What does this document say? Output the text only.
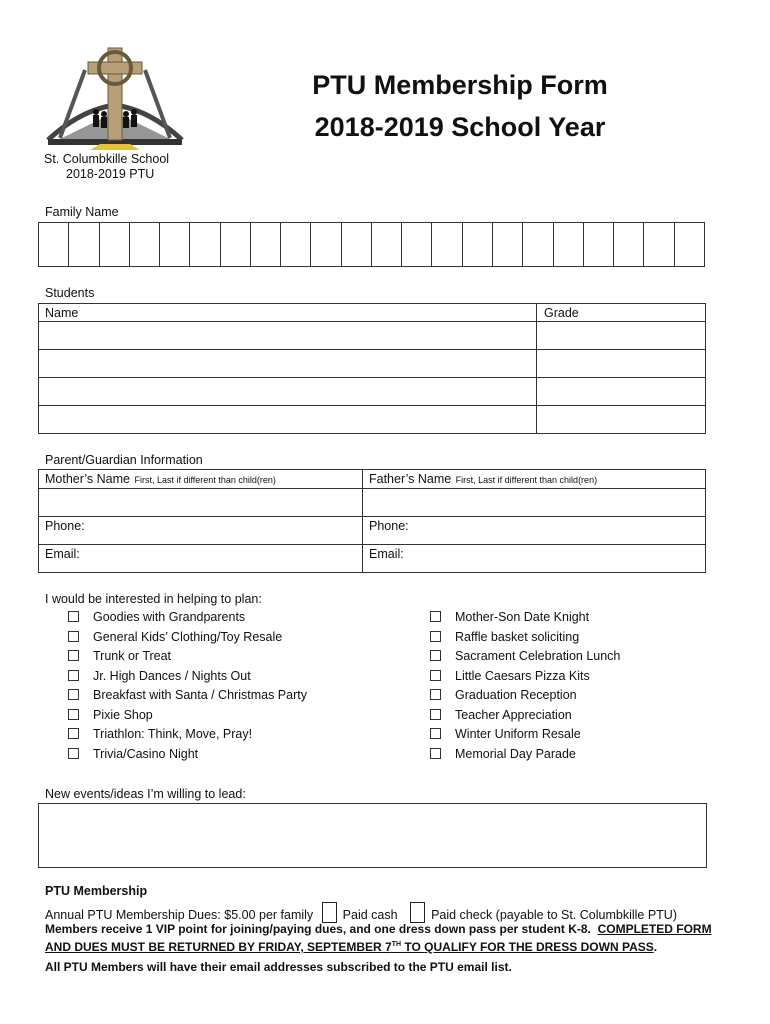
St. Columbkille School
2018-2019 PTU
PTU Membership Form
2018-2019 School Year
Family Name

Students
Name	Grade

Parent/Guardian Information
Mother’s Name First, Last if different than child(ren)	Father’s Name First, Last if different than child(ren)

Phone:	Phone:
Email:	Email:
I would be interested in helping to plan:
Goodies with Grandparents
General Kids’ Clothing/Toy Resale
Trunk or Treat
Jr. High Dances / Nights Out
Breakfast with Santa / Christmas Party
Pixie Shop
Triathlon: Think, Move, Pray!
Trivia/Casino Night
Mother-Son Date Knight
Raffle basket soliciting
Sacrament Celebration Lunch
Little Caesars Pizza Kits
Graduation Reception
Teacher Appreciation
Winter Uniform Resale
Memorial Day Parade
New events/ideas I’m willing to lead:
PTU Membership
Annual PTU Membership Dues: $5.00 per family Paid cash	Paid check (payable to St. Columbkille PTU)
Members receive 1 VIP point for joining/paying dues, and one dress down pass per student K-8. COMPLETED FORM
AND DUES MUST BE RETURNED BY FRIDAY, SEPTEMBER 7TH TO QUALIFY FOR THE DRESS DOWN PASS.
All PTU Members will have their email addresses subscribed to the PTU email list.
